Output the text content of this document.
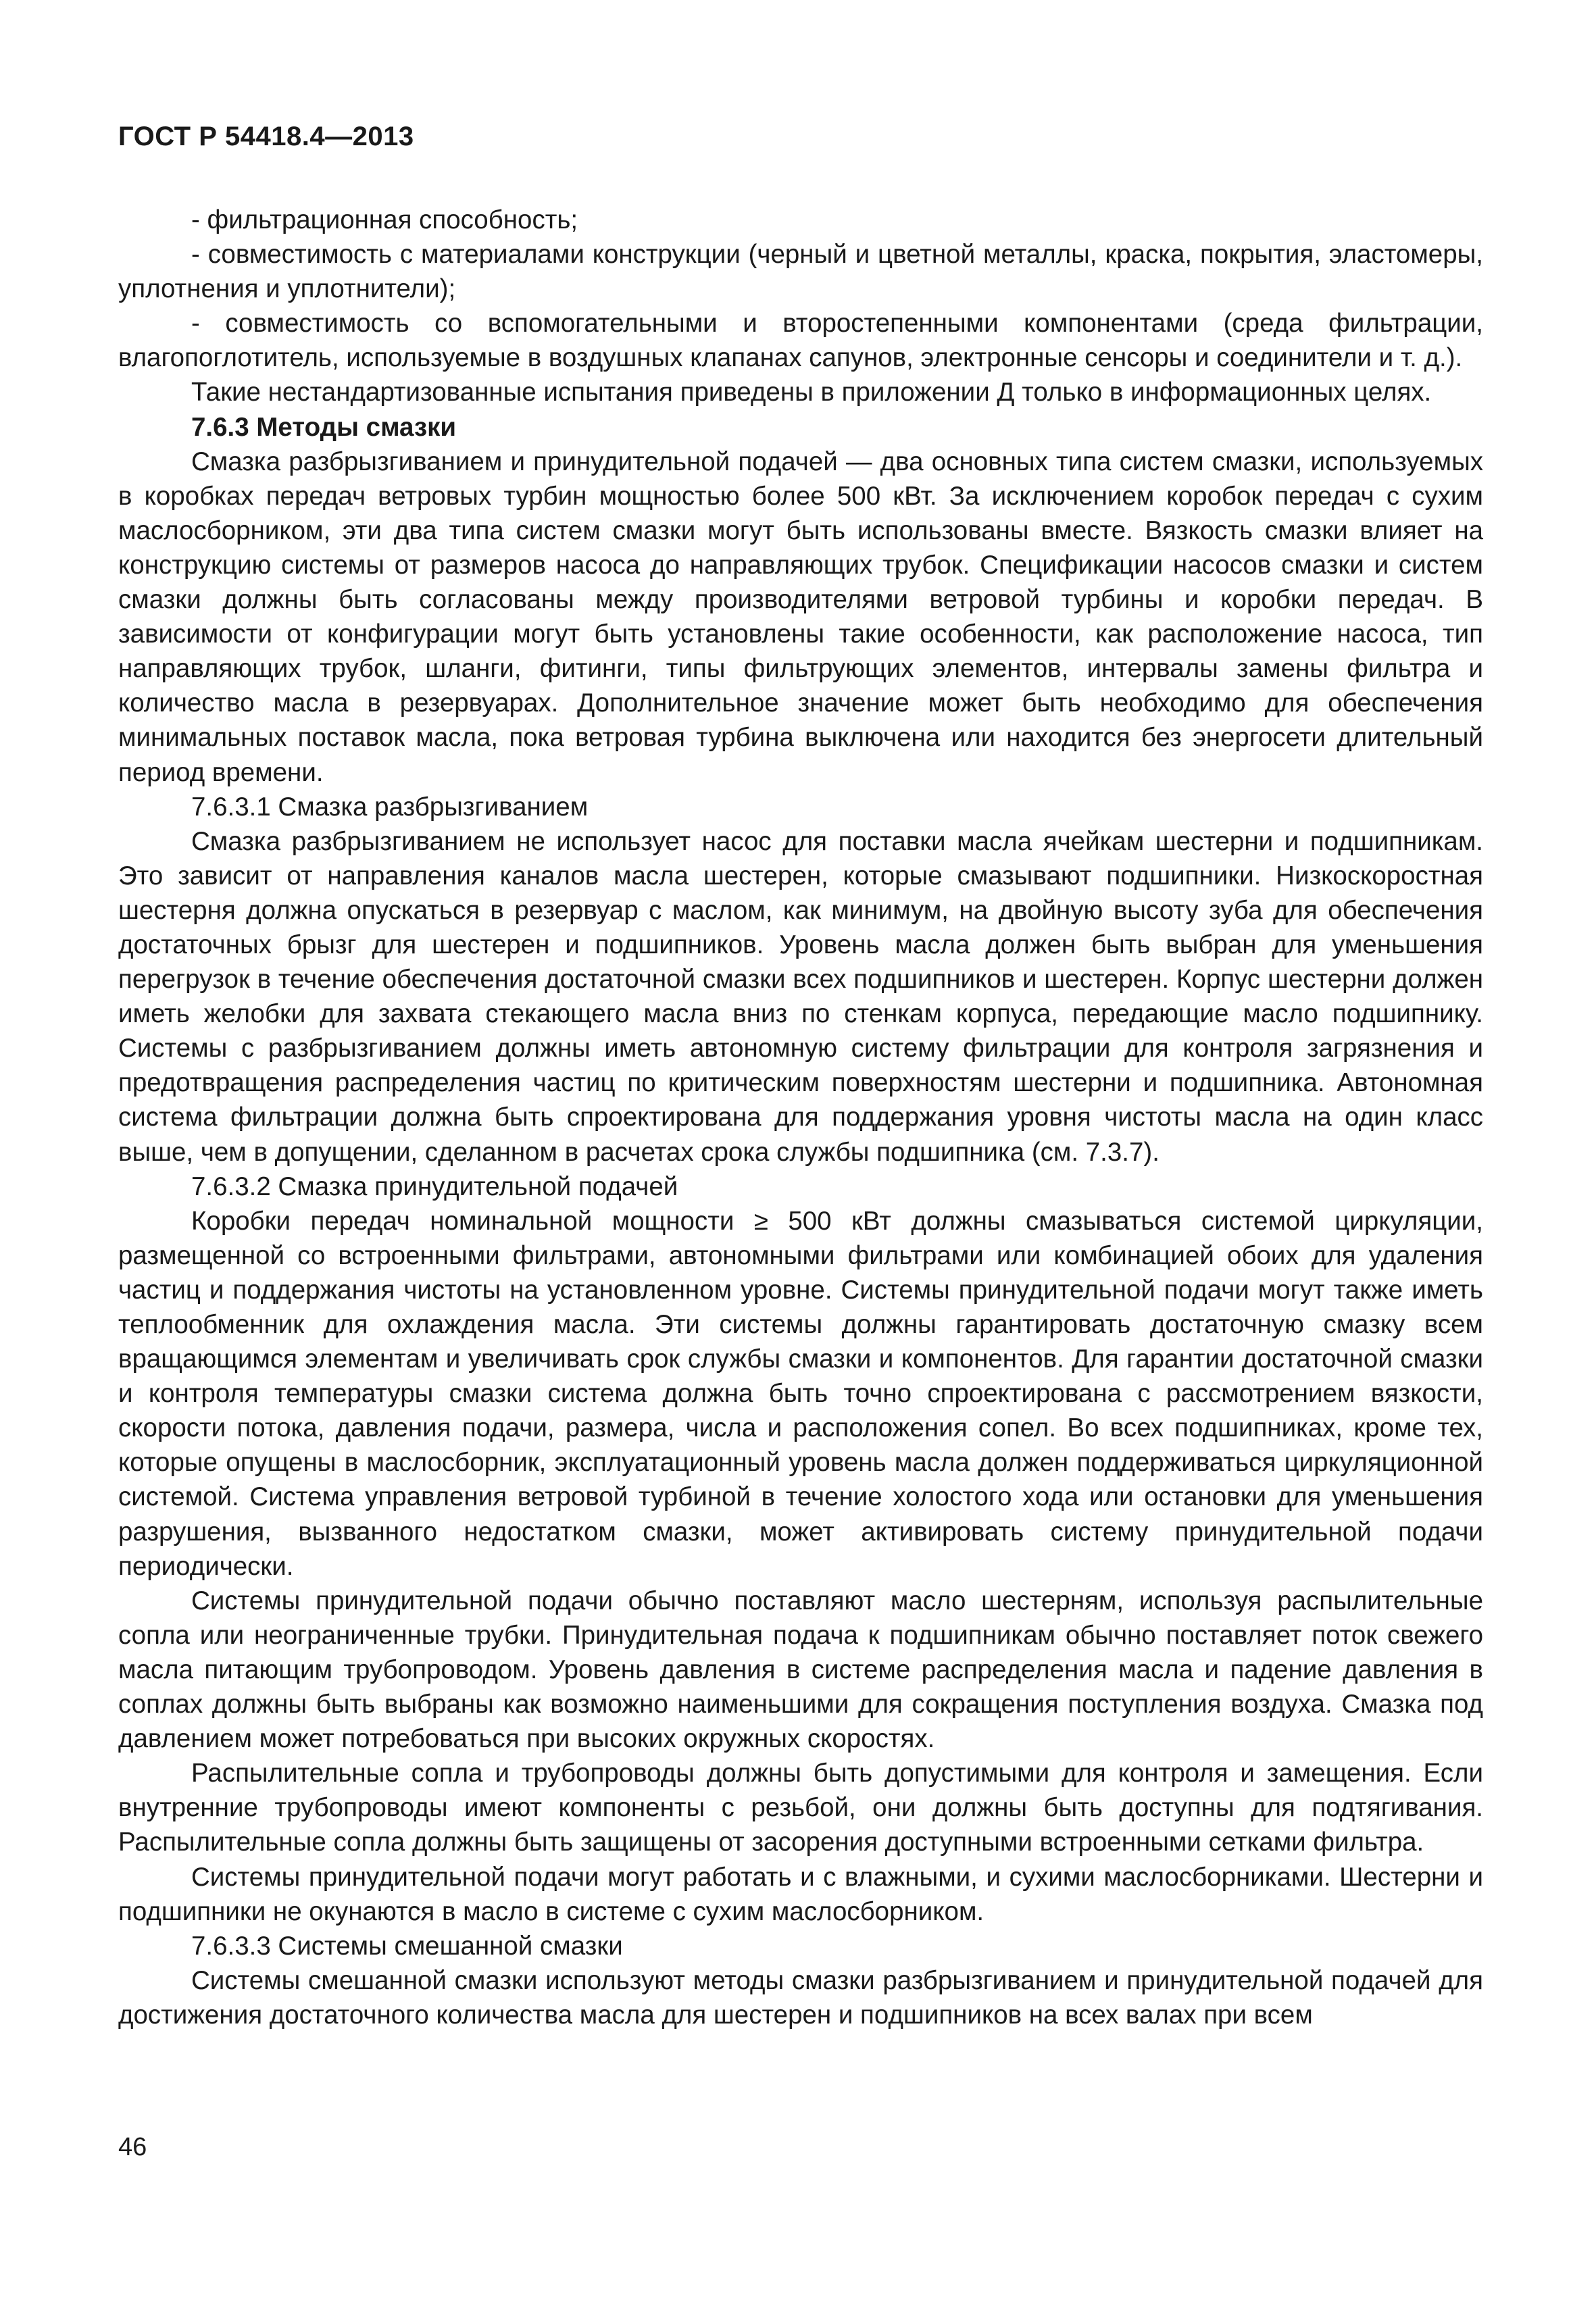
ГОСТ Р 54418.4—2013

- фильтрационная способность;

- совместимость с материалами конструкции (черный и цветной металлы, краска, покрытия, эластомеры, уплотнения и уплотнители);

- совместимость со вспомогательными и второстепенными компонентами (среда фильтрации, влагопоглотитель, используемые в воздушных клапанах сапунов, электронные сенсоры и соединители и т. д.).

Такие нестандартизованные испытания приведены в приложении Д только в информационных целях.

7.6.3 Методы смазки

Смазка разбрызгиванием и принудительной подачей — два основных типа систем смазки, используемых в коробках передач ветровых турбин мощностью более 500 кВт. За исключением коробок передач с сухим маслосборником, эти два типа систем смазки могут быть использованы вместе. Вязкость смазки влияет на конструкцию системы от размеров насоса до направляющих трубок. Спецификации насосов смазки и систем смазки должны быть согласованы между производителями ветровой турбины и коробки передач. В зависимости от конфигурации могут быть установлены такие особенности, как расположение насоса, тип направляющих трубок, шланги, фитинги, типы фильтрующих элементов, интервалы замены фильтра и количество масла в резервуарах. Дополнительное значение может быть необходимо для обеспечения минимальных поставок масла, пока ветровая турбина выключена или находится без энергосети длительный период времени.

7.6.3.1 Смазка разбрызгиванием

Смазка разбрызгиванием не использует насос для поставки масла ячейкам шестерни и подшипникам. Это зависит от направления каналов масла шестерен, которые смазывают подшипники. Низкоскоростная шестерня должна опускаться в резервуар с маслом, как минимум, на двойную высоту зуба для обеспечения достаточных брызг для шестерен и подшипников. Уровень масла должен быть выбран для уменьшения перегрузок в течение обеспечения достаточной смазки всех подшипников и шестерен. Корпус шестерни должен иметь желобки для захвата стекающего масла вниз по стенкам корпуса, передающие масло подшипнику. Системы с разбрызгиванием должны иметь автономную систему фильтрации для контроля загрязнения и предотвращения распределения частиц по критическим поверхностям шестерни и подшипника. Автономная система фильтрации должна быть спроектирована для поддержания уровня чистоты масла на один класс выше, чем в допущении, сделанном в расчетах срока службы подшипника (см. 7.3.7).

7.6.3.2 Смазка принудительной подачей

Коробки передач номинальной мощности ≥ 500 кВт должны смазываться системой циркуляции, размещенной со встроенными фильтрами, автономными фильтрами или комбинацией обоих для удаления частиц и поддержания чистоты на установленном уровне. Системы принудительной подачи могут также иметь теплообменник для охлаждения масла. Эти системы должны гарантировать достаточную смазку всем вращающимся элементам и увеличивать срок службы смазки и компонентов. Для гарантии достаточной смазки и контроля температуры смазки система должна быть точно спроектирована с рассмотрением вязкости, скорости потока, давления подачи, размера, числа и расположения сопел. Во всех подшипниках, кроме тех, которые опущены в маслосборник, эксплуатационный уровень масла должен поддерживаться циркуляционной системой. Система управления ветровой турбиной в течение холостого хода или остановки для уменьшения разрушения, вызванного недостатком смазки, может активировать систему принудительной подачи периодически.

Системы принудительной подачи обычно поставляют масло шестерням, используя распылительные сопла или неограниченные трубки. Принудительная подача к подшипникам обычно поставляет поток свежего масла питающим трубопроводом. Уровень давления в системе распределения масла и падение давления в соплах должны быть выбраны как возможно наименьшими для сокращения поступления воздуха. Смазка под давлением может потребоваться при высоких окружных скоростях.

Распылительные сопла и трубопроводы должны быть допустимыми для контроля и замещения. Если внутренние трубопроводы имеют компоненты с резьбой, они должны быть доступны для подтягивания. Распылительные сопла должны быть защищены от засорения доступными встроенными сетками фильтра.

Системы принудительной подачи могут работать и с влажными, и сухими маслосборниками. Шестерни и подшипники не окунаются в масло в системе с сухим маслосборником.

7.6.3.3 Системы смешанной смазки

Системы смешанной смазки используют методы смазки разбрызгиванием и принудительной подачей для достижения достаточного количества масла для шестерен и подшипников на всех валах при всем

46
